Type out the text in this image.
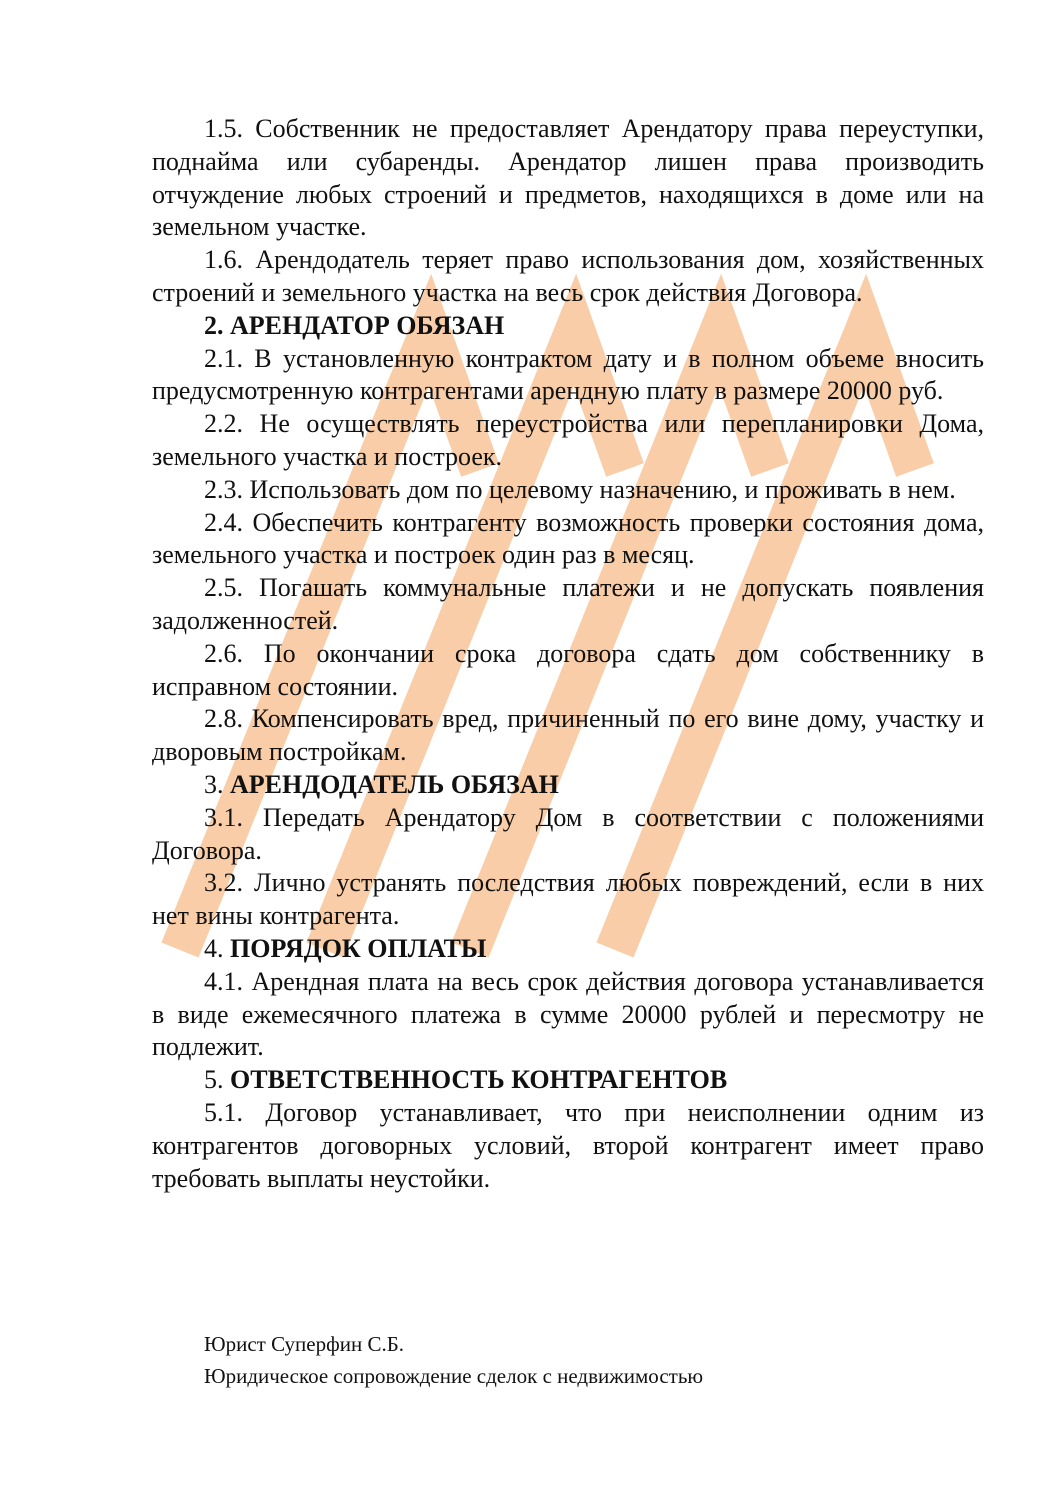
1.5. Собственник не предоставляет Арендатору права переуступки, поднайма или субаренды. Арендатор лишен права производить отчуждение любых строений и предметов, находящихся в доме или на земельном участке.

1.6. Арендодатель теряет право использования дом, хозяйственных строений и земельного участка на весь срок действия Договора.

2. АРЕНДАТОР ОБЯЗАН

2.1. В установленную контрактом дату и в полном объеме вносить предусмотренную контрагентами арендную плату в размере 20000 руб.

2.2. Не осуществлять переустройства или перепланировки Дома, земельного участка и построек.

2.3. Использовать дом по целевому назначению, и проживать в нем.

2.4. Обеспечить контрагенту возможность проверки состояния дома, земельного участка и построек один раз в месяц.

2.5. Погашать коммунальные платежи и не допускать появления задолженностей.

2.6. По окончании срока договора сдать дом собственнику в исправном состоянии.

2.8. Компенсировать вред, причиненный по его вине дому, участку и дворовым постройкам.

3. АРЕНДОДАТЕЛЬ ОБЯЗАН

3.1. Передать Арендатору Дом в соответствии с положениями Договора.

3.2. Лично устранять последствия любых повреждений, если в них нет вины контрагента.

4. ПОРЯДОК ОПЛАТЫ

4.1. Арендная плата на весь срок действия договора устанавливается в виде ежемесячного платежа в сумме 20000 рублей и пересмотру не подлежит.

5. ОТВЕТСТВЕННОСТЬ КОНТРАГЕНТОВ

5.1. Договор устанавливает, что при неисполнении одним из контрагентов договорных условий, второй контрагент имеет право требовать выплаты неустойки.

Юрист Суперфин С.Б.
Юридическое сопровождение сделок с недвижимостью
